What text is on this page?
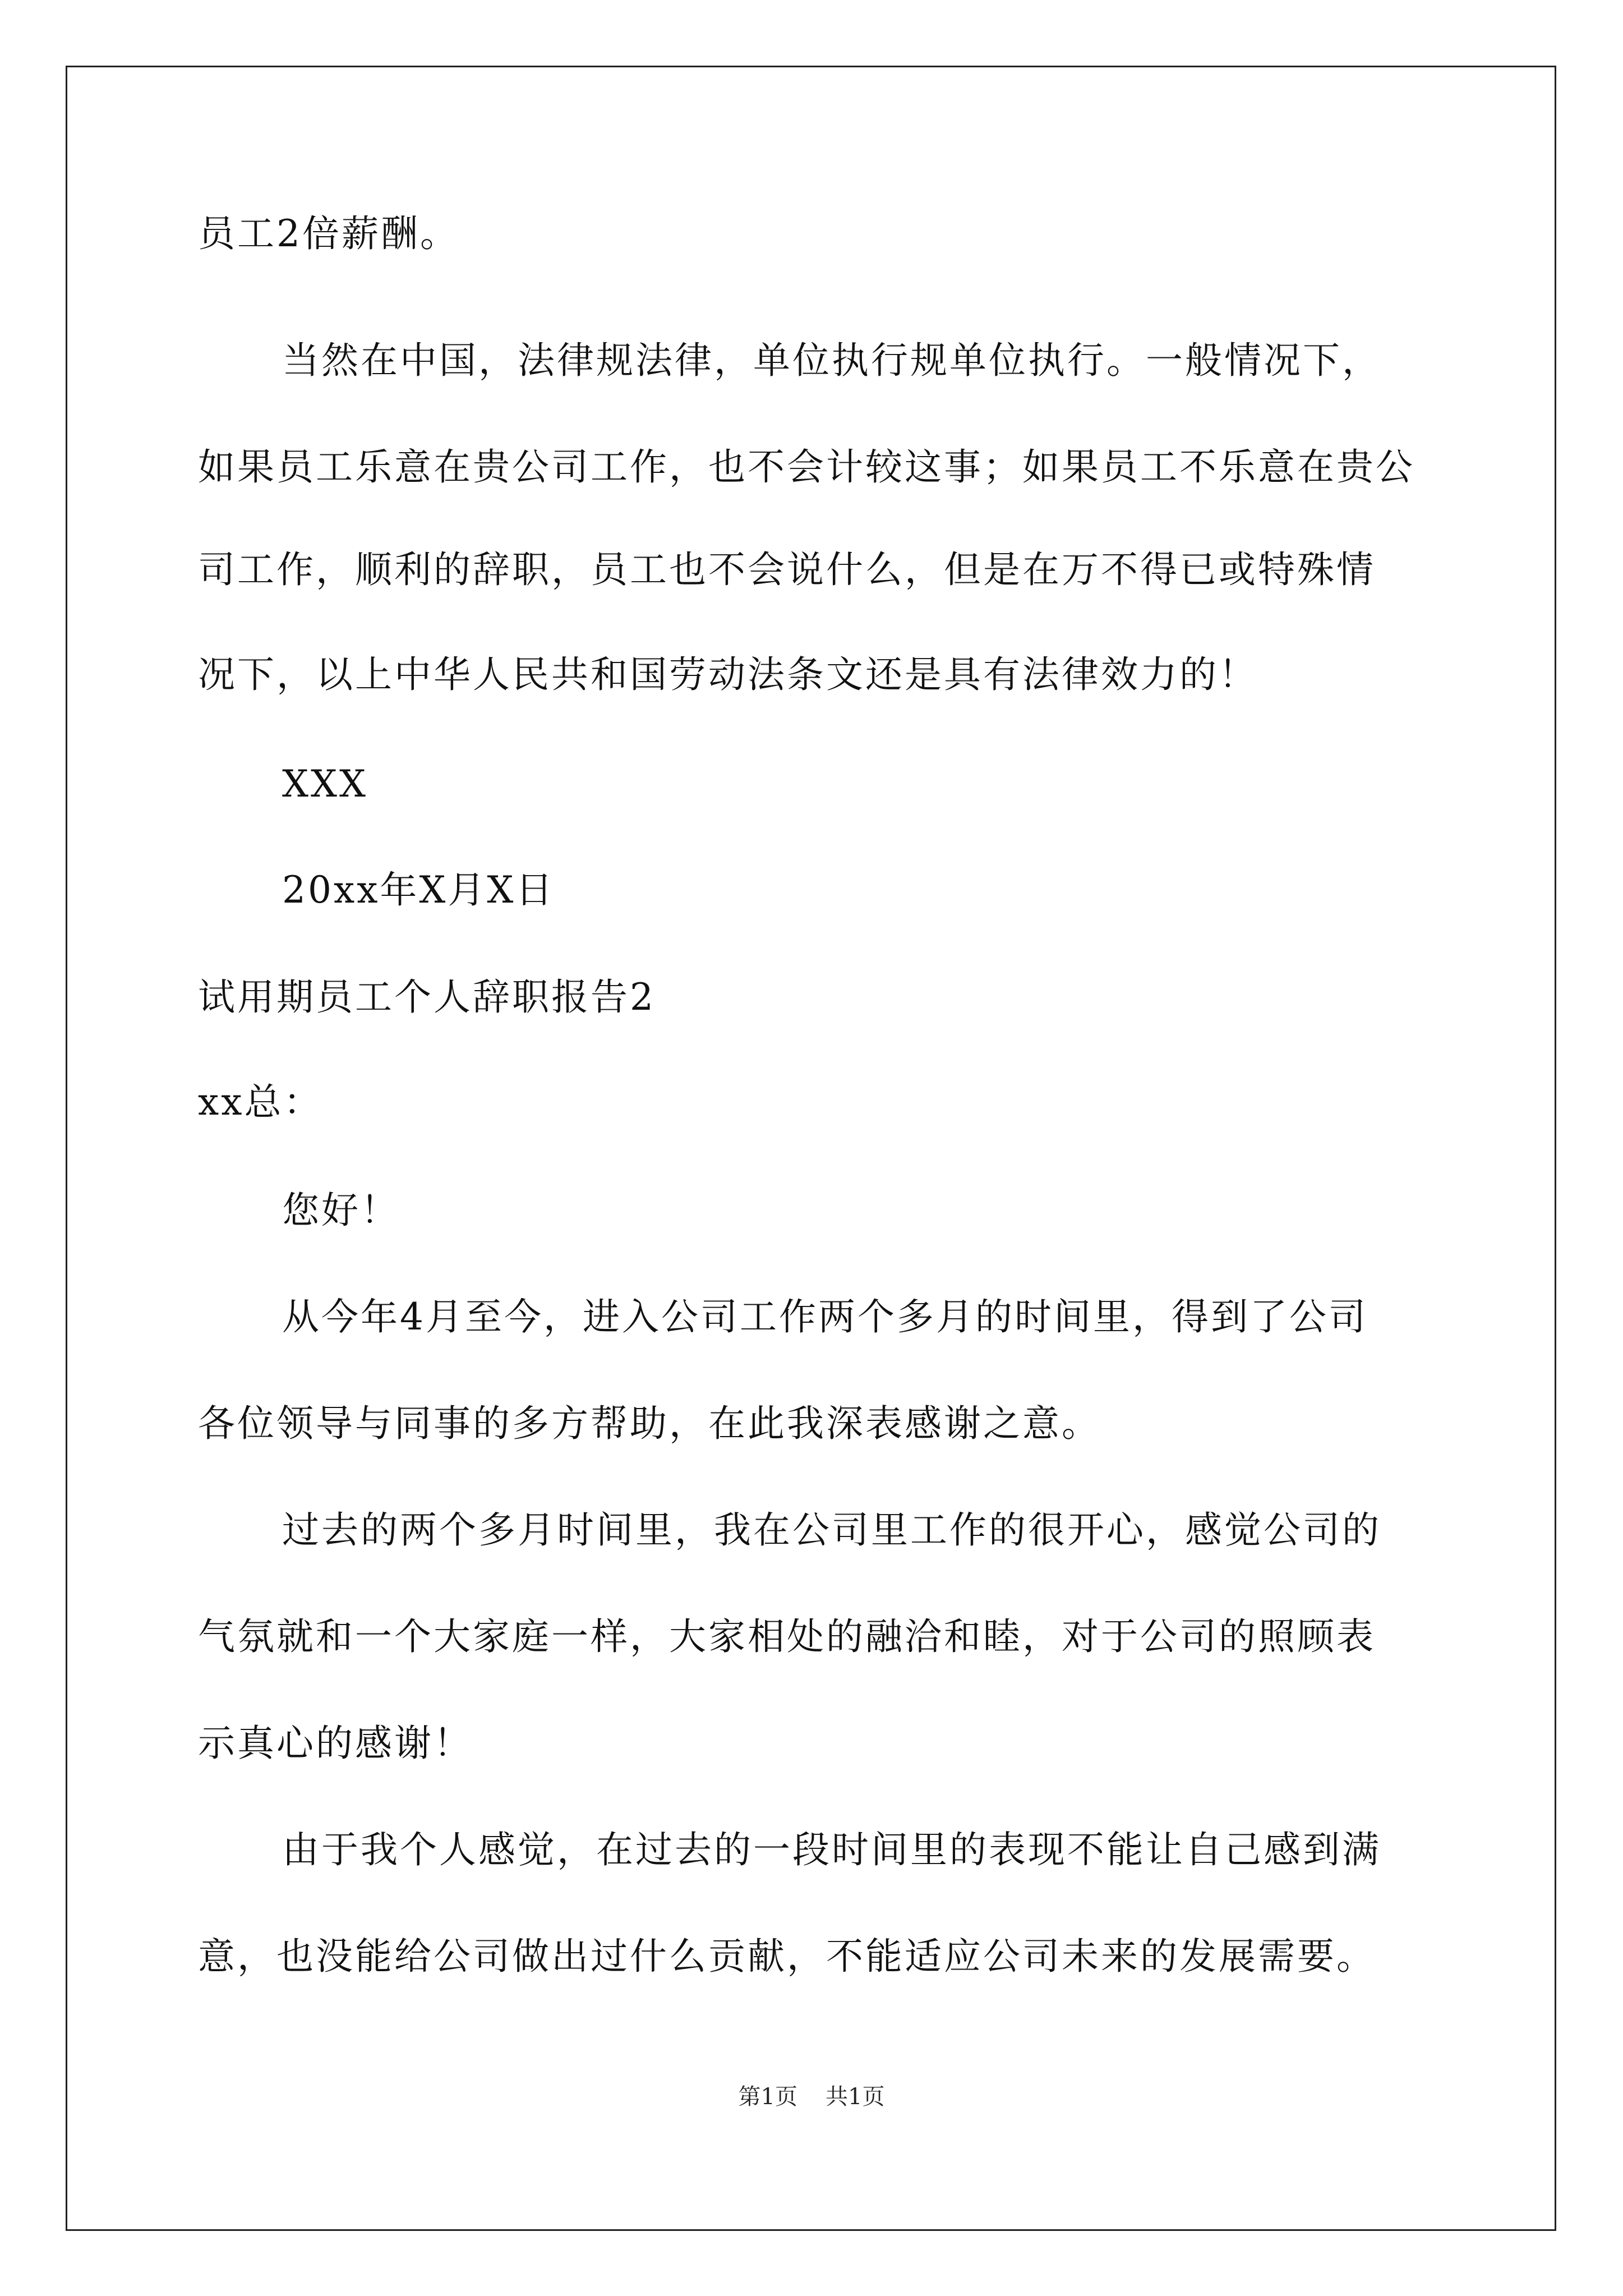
员工2倍薪酬。
当然在中国，法律规法律，单位执行规单位执行。一般情况下，
如果员工乐意在贵公司工作，也不会计较这事；如果员工不乐意在贵公
司工作，顺利的辞职，员工也不会说什么，但是在万不得已或特殊情
况下，以上中华人民共和国劳动法条文还是具有法律效力的！
XXX
20xx年X月X日
试用期员工个人辞职报告2
xx总：
您好！
从今年4月至今，进入公司工作两个多月的时间里，得到了公司
各位领导与同事的多方帮助，在此我深表感谢之意。
过去的两个多月时间里，我在公司里工作的很开心，感觉公司的
气氛就和一个大家庭一样，大家相处的融洽和睦，对于公司的照顾表
示真心的感谢！
由于我个人感觉，在过去的一段时间里的表现不能让自己感到满
意，也没能给公司做出过什么贡献，不能适应公司未来的发展需要。
第1页 共1页
